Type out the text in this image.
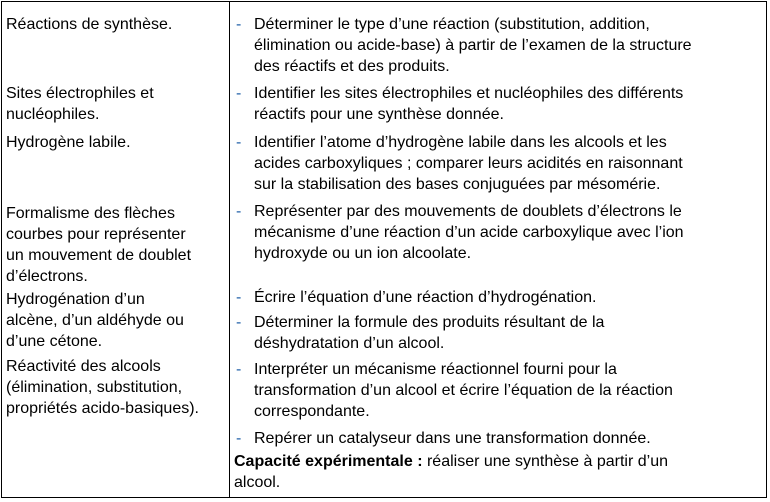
Réactions de synthèse.
Sites électrophiles et
nucléophiles.
Hydrogène labile.
Formalisme des flèches
courbes pour représenter
un mouvement de doublet
d’électrons.
Hydrogénation d’un
alcène, d’un aldéhyde ou
d’une cétone.
Réactivité des alcools
(élimination, substitution,
propriétés acido-basiques).
- Déterminer le type d’une réaction (substitution, addition,
élimination ou acide-base) à partir de l’examen de la structure
des réactifs et des produits.
- Identifier les sites électrophiles et nucléophiles des différents
réactifs pour une synthèse donnée.
- Identifier l’atome d’hydrogène labile dans les alcools et les
acides carboxyliques ; comparer leurs acidités en raisonnant
sur la stabilisation des bases conjuguées par mésomérie.
- Représenter par des mouvements de doublets d’électrons le
mécanisme d’une réaction d’un acide carboxylique avec l’ion
hydroxyde ou un ion alcoolate.
- Écrire l’équation d’une réaction d’hydrogénation.
- Déterminer la formule des produits résultant de la
déshydratation d’un alcool.
- Interpréter un mécanisme réactionnel fourni pour la
transformation d’un alcool et écrire l’équation de la réaction
correspondante.
- Repérer un catalyseur dans une transformation donnée.
Capacité expérimentale : réaliser une synthèse à partir d’un
alcool.
